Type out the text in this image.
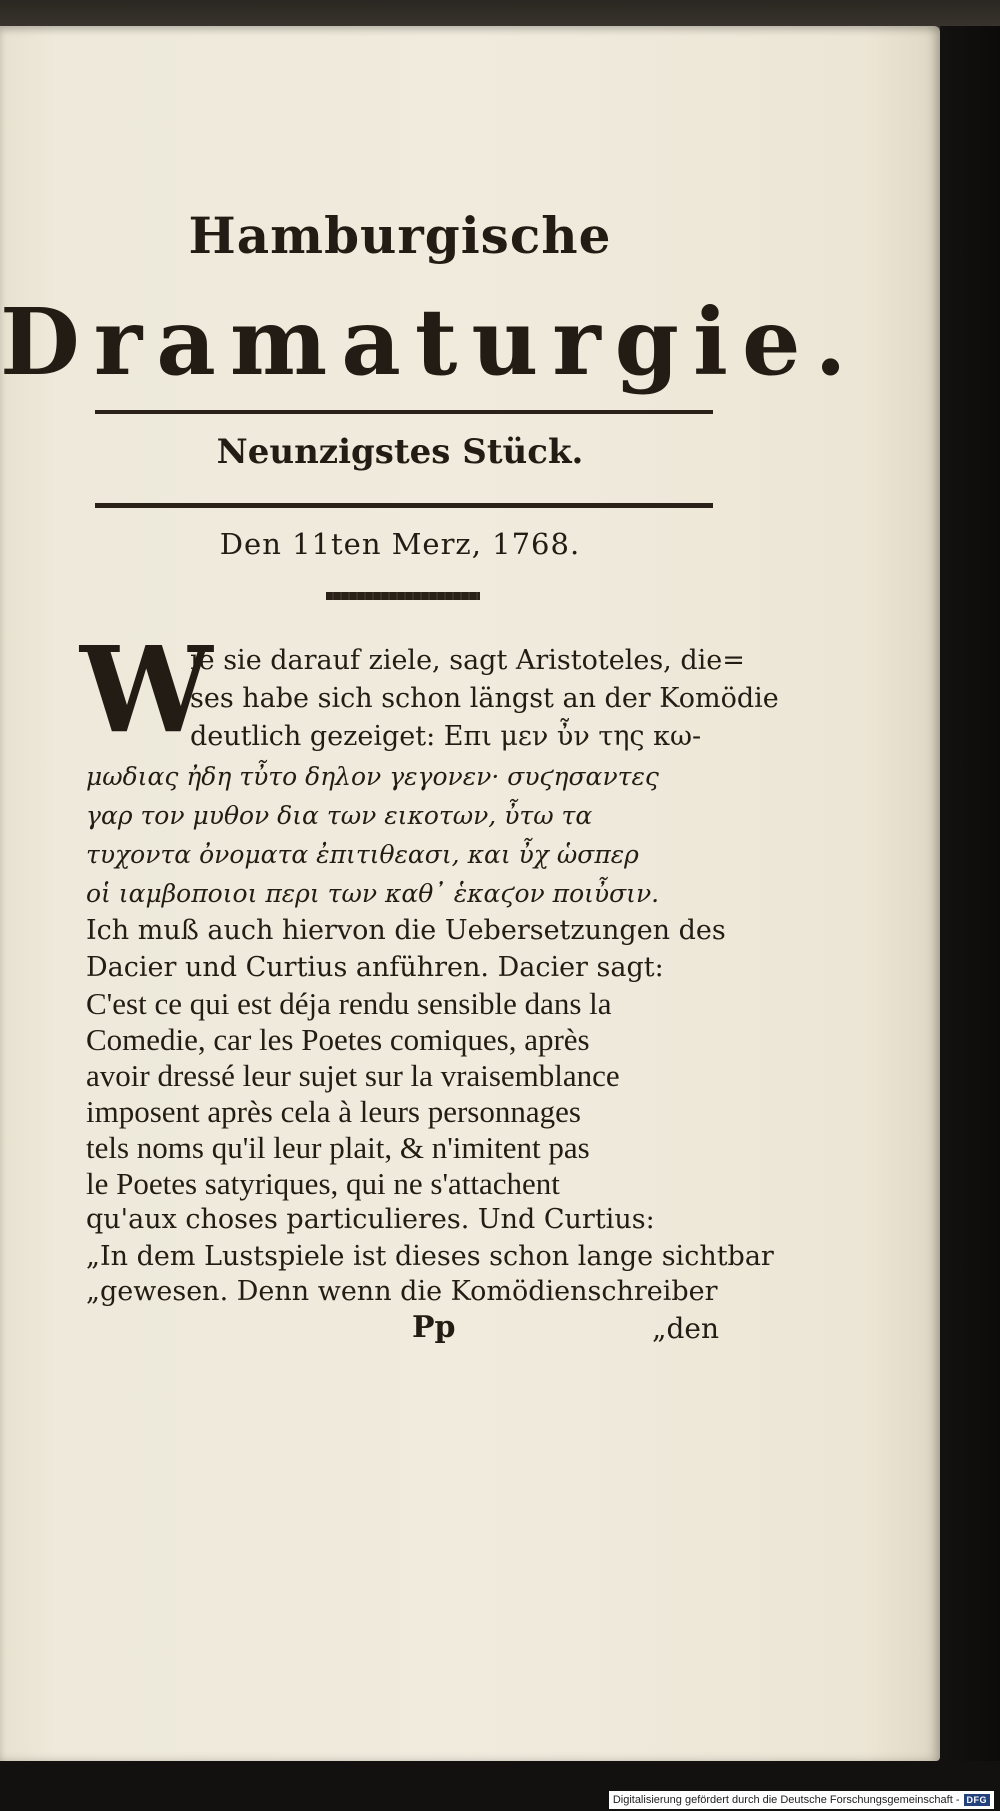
Hamburgische
Dramaturgie.
Neunzigstes Stück.
Den 11ten Merz, 1768.
W
ie sie darauf ziele, sagt Aristoteles, die=
ses habe sich schon längst an der Komödie
deutlich gezeiget: Επι μεν ὖν της κω-
μωδιας ἠδη τὖτο δηλον γεγονεν· συϛησαντες
γαρ τον μυθον δια των εικοτων, ὖτω τα
τυχοντα ὀνοματα ἐπιτιθεασι, και ὖχ ὡσπερ
οἱ ιαμβοποιοι περι των καθ᾽ ἑκαϛον ποιὖσιν.
Ich muß auch hiervon die Uebersetzungen des
Dacier und Curtius anführen. Dacier sagt:
C'est ce qui est déja rendu sensible dans la
Comedie, car les Poetes comiques, après
avoir dressé leur sujet sur la vraisemblance
imposent après cela à leurs personnages
tels noms qu'il leur plait, & n'imitent pas
le Poetes satyriques, qui ne s'attachent
qu'aux choses particulieres. Und Curtius:
„In dem Lustspiele ist dieses schon lange sichtbar
„gewesen. Denn wenn die Komödienschreiber
Pp	„den
Digitalisierung gefördert durch die Deutsche Forschungsgemeinschaft - DFG
